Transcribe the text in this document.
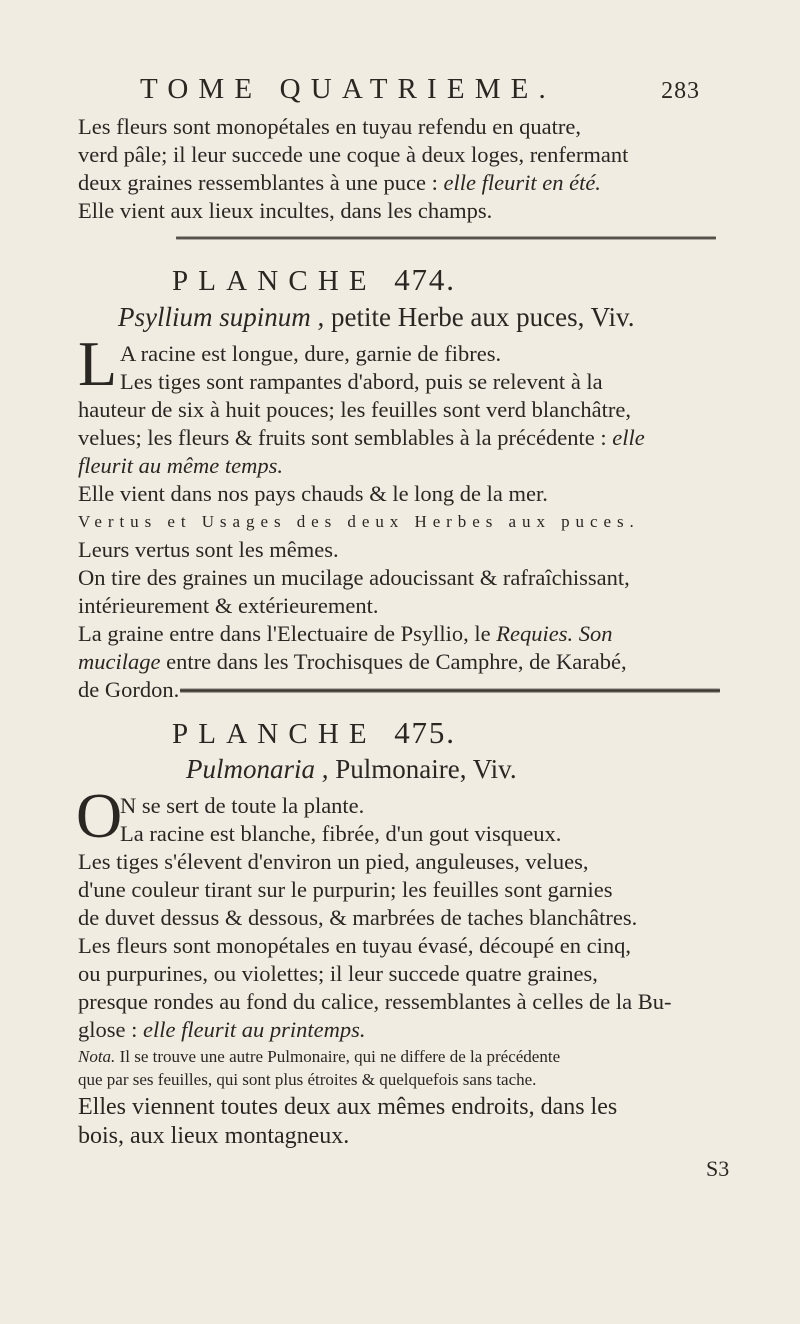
TOME QUATRIEME.	283
Les fleurs sont monopétales en tuyau refendu en quatre,
verd pâle; il leur succede une coque à deux loges, renfermant
deux graines ressemblantes à une puce : elle fleurit en été.
Elle vient aux lieux incultes, dans les champs.
PLANCHE 474.
Psyllium supinum , petite Herbe aux puces, Viv.
L A racine est longue, dure, garnie de fibres.
Les tiges sont rampantes d'abord, puis se relevent à la
hauteur de six à huit pouces; les feuilles sont verd blanchâtre,
velues; les fleurs & fruits sont semblables à la précédente : elle
fleurit au même temps.
Elle vient dans nos pays chauds & le long de la mer.
Vertus et Usages des deux Herbes aux puces.
Leurs vertus sont les mêmes.
On tire des graines un mucilage adoucissant & rafraîchissant,
intérieurement & extérieurement.
La graine entre dans l'Electuaire de Psyllio, le Requies. Son
mucilage entre dans les Trochisques de Camphre, de Karabé,
de Gordon.
PLANCHE 475.
Pulmonaria , Pulmonaire, Viv.
O
N se sert de toute la plante.
La racine est blanche, fibrée, d'un gout visqueux.
Les tiges s'élevent d'environ un pied, anguleuses, velues,
d'une couleur tirant sur le purpurin; les feuilles sont garnies
de duvet dessus & dessous, & marbrées de taches blanchâtres.
Les fleurs sont monopétales en tuyau évasé, découpé en cinq,
ou purpurines, ou violettes; il leur succede quatre graines,
presque rondes au fond du calice, ressemblantes à celles de la Bu-
glose : elle fleurit au printemps.
Nota. Il se trouve une autre Pulmonaire, qui ne differe de la précédente
que par ses feuilles, qui sont plus étroites & quelquefois sans tache.
Elles viennent toutes deux aux mêmes endroits, dans les
bois, aux lieux montagneux.
S3
